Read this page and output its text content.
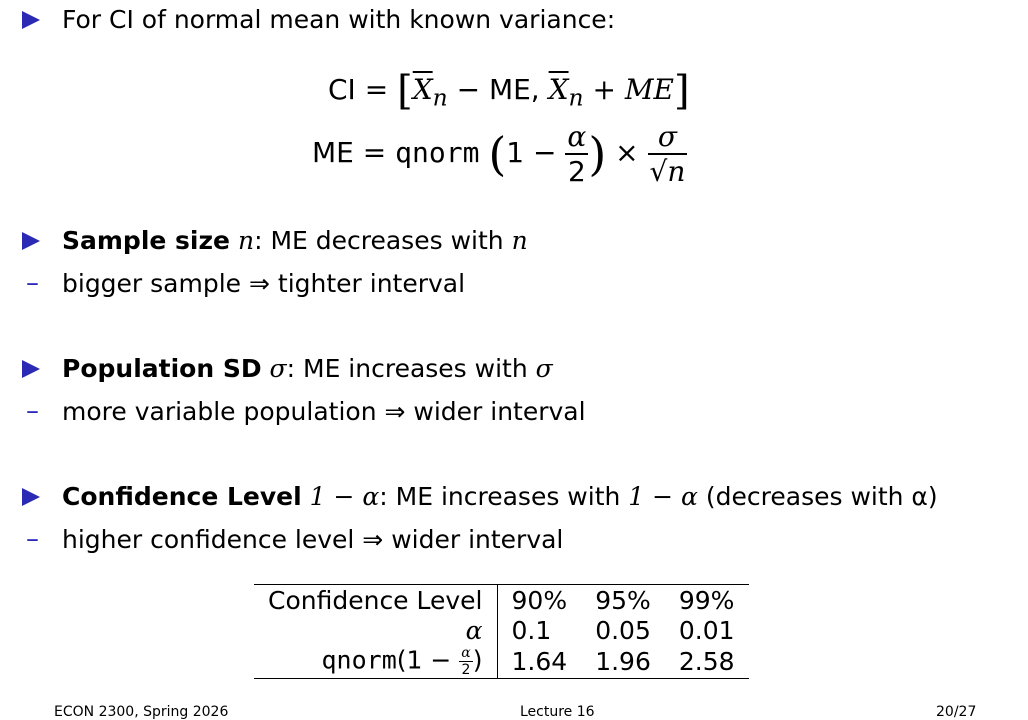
For CI of normal mean with known variance:
CI = [$\overline{X}_n$ − ME, $\overline{X}_n + ME$]
ME = qnorm ($1 - \frac{\alpha}{2}$ ) × $\frac{\sigma}{√n}$
Sample size n: ME decreases with n
– bigger sample ⇒ tighter interval
Population SD σ: ME increases with σ
– more variable population ⇒ wider interval
Confidence Level 1 − α: ME increases with 1 − α (decreases with α)
– higher confidence level ⇒ wider interval
Confidence Level	90%	95%	99%
α	0.1	0.05	0.01
qnorm(1 − $\frac{\alpha}{2}$ )	1.64	1.96	2.58
ECON 2300, Spring 2026	Lecture 16	20/27
